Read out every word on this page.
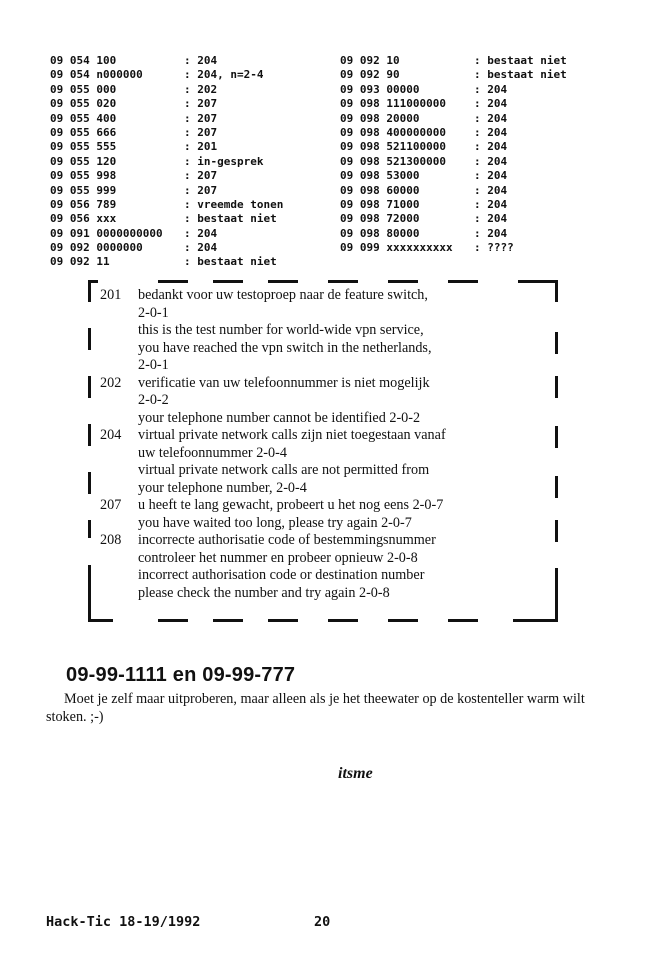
09 054 100	: 204
09 054 n000000	: 204, n=2-4
09 055 000	: 202
09 055 020	: 207
09 055 400	: 207
09 055 666	: 207
09 055 555	: 201
09 055 120	: in-gesprek
09 055 998	: 207
09 055 999	: 207
09 056 789	: vreemde tonen
09 056 xxx	: bestaat niet
09 091 0000000000 : 204
09 092 0000000	: 204
09 092 11	: bestaat niet
09 092 10	: bestaat niet
09 092 90	: bestaat niet
09 093 00000	: 204
09 098 111000000	: 204
09 098 20000	: 204
09 098 400000000	: 204
09 098 521100000	: 204
09 098 521300000	: 204
09 098 53000	: 204
09 098 60000	: 204
09 098 71000	: 204
09 098 72000	: 204
09 098 80000	: 204
09 099 xxxxxxxxxx : ????
201 bedankt voor uw testoproep naar de feature switch,
2-0-1
this is the test number for world-wide vpn service,
you have reached the vpn switch in the netherlands,
2-0-1
202 verificatie van uw telefoonnummer is niet mogelijk
2-0-2
your telephone number cannot be identified 2-0-2
204 virtual private network calls zijn niet toegestaan vanaf
uw telefoonnummer 2-0-4
virtual private network calls are not permitted from
your telephone number, 2-0-4
207 u heeft te lang gewacht, probeert u het nog eens 2-0-7
you have waited too long, please try again 2-0-7
208 incorrecte authorisatie code of bestemmingsnummer
controleer het nummer en probeer opnieuw 2-0-8
incorrect authorisation code or destination number
please check the number and try again 2-0-8
09-99-1111 en 09-99-777
Moet je zelf maar uitproberen, maar alleen als je het theewater op de kostenteller warm wilt stoken. ;-)
itsme
Hack-Tic 18-19/1992	20
